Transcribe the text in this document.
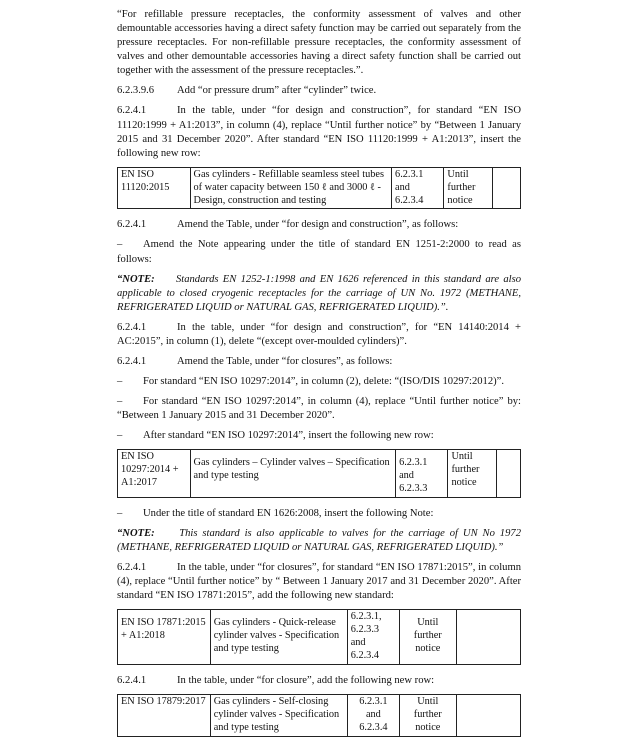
“For refillable pressure receptacles, the conformity assessment of valves and other demountable accessories having a direct safety function may be carried out separately from the pressure receptacles. For non-refillable pressure receptacles, the conformity assessment of valves and other demountable accessories having a direct safety function shall be carried out together with the assessment of the pressure receptacles.”.

6.2.3.9.6 Add “or pressure drum” after “cylinder” twice.

6.2.4.1	In the table, under “for design and construction”, for standard “EN ISO 11120:1999 + A1:2013”, in column (4), replace “Until further notice” by “Between 1 January 2015 and 31 December 2020”. After standard “EN ISO 11120:1999 + A1:2013”, insert the following new row:

EN ISO 11120:2015	Gas cylinders - Refillable seamless steel tubes of water capacity between 150 ℓ and 3000 ℓ - Design, construction and testing	6.2.3.1 and 6.2.3.4	Until further notice	

6.2.4.1	Amend the Table, under “for design and construction”, as follows:

– Amend the Note appearing under the title of standard EN 1251-2:2000 to read as follows:

“NOTE: Standards EN 1252-1:1998 and EN 1626 referenced in this standard are also applicable to closed cryogenic receptacles for the carriage of UN No. 1972 (METHANE, REFRIGERATED LIQUID or NATURAL GAS, REFRIGERATED LIQUID).”.

6.2.4.1	In the table, under “for design and construction”, for “EN 14140:2014 + AC:2015”, in column (1), delete “(except over-moulded cylinders)”.

6.2.4.1	Amend the Table, under “for closures”, as follows:

– For standard “EN ISO 10297:2014”, in column (2), delete: “(ISO/DIS 10297:2012)”.

– For standard “EN ISO 10297:2014”, in column (4), replace “Until further notice” by: “Between 1 January 2015 and 31 December 2020”.

– After standard “EN ISO 10297:2014”, insert the following new row:

EN ISO 10297:2014 + A1:2017	Gas cylinders – Cylinder valves – Specification and type testing	6.2.3.1 and 6.2.3.3	Until further notice	

– Under the title of standard EN 1626:2008, insert the following Note:

“NOTE: This standard is also applicable to valves for the carriage of UN No 1972 (METHANE, REFRIGERATED LIQUID or NATURAL GAS, REFRIGERATED LIQUID).”

6.2.4.1	In the table, under “for closures”, for standard “EN ISO 17871:2015”, in column (4), replace “Until further notice” by “ Between 1 January 2017 and 31 December 2020”. After standard “EN ISO 17871:2015”, add the following new standard:

EN ISO 17871:2015 + A1:2018	Gas cylinders - Quick-release cylinder valves - Specification and type testing	6.2.3.1, 6.2.3.3 and 6.2.3.4	Until further notice	

6.2.4.1	In the table, under “for closure”, add the following new row:

EN ISO 17879:2017	Gas cylinders - Self-closing cylinder valves - Specification and type testing	6.2.3.1 and 6.2.3.4	Until further notice	
